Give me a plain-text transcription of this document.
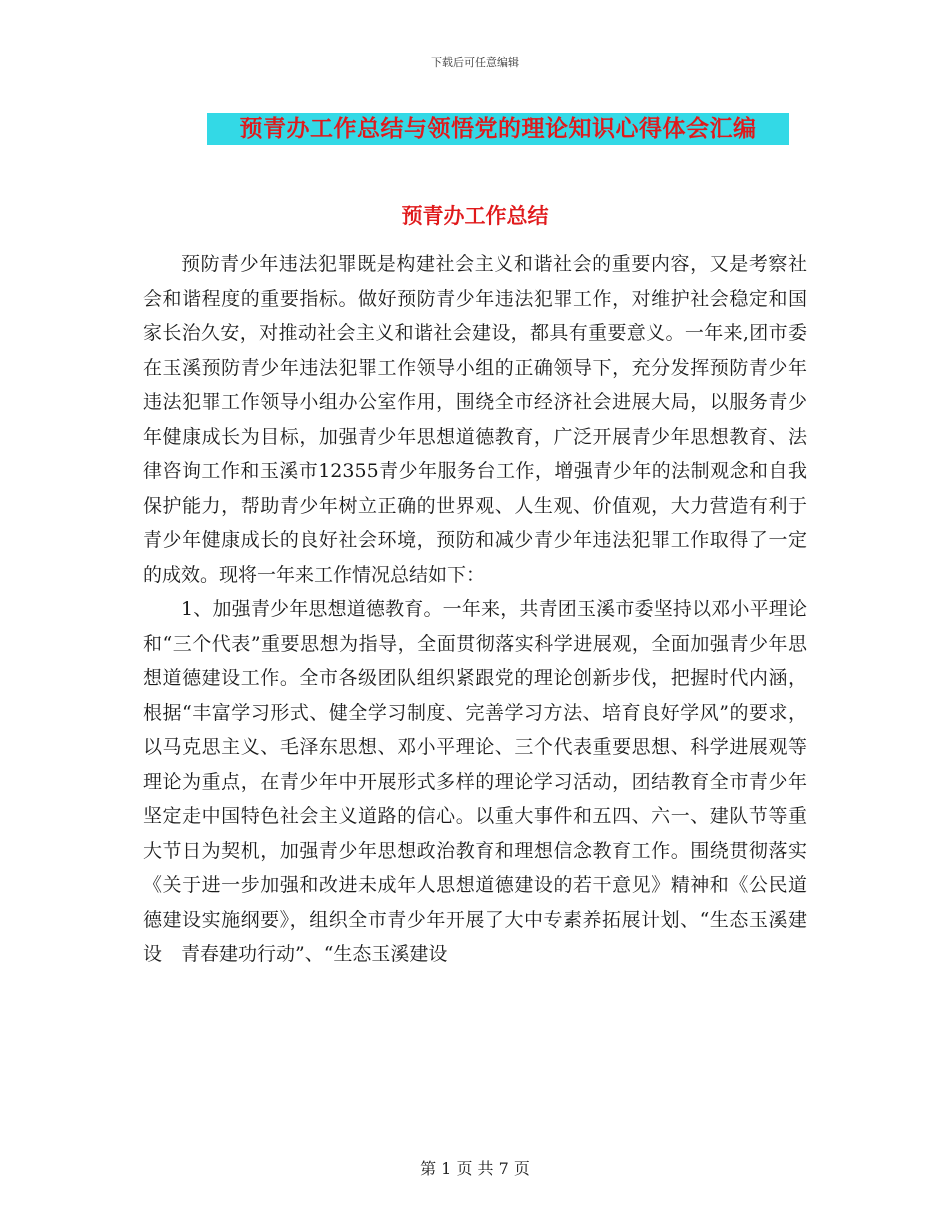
下载后可任意编辑
预青办工作总结与领悟党的理论知识心得体会汇编
预青办工作总结

预防青少年违法犯罪既是构建社会主义和谐社会的重要内容，又是考察社会和谐程度的重要指标。做好预防青少年违法犯罪工作，对维护社会稳定和国家长治久安，对推动社会主义和谐社会建设，都具有重要意义。一年来,团市委在玉溪预防青少年违法犯罪工作领导小组的正确领导下，充分发挥预防青少年违法犯罪工作领导小组办公室作用，围绕全市经济社会进展大局，以服务青少年健康成长为目标，加强青少年思想道德教育，广泛开展青少年思想教育、法律咨询工作和玉溪市12355青少年服务台工作，增强青少年的法制观念和自我保护能力，帮助青少年树立正确的世界观、人生观、价值观，大力营造有利于青少年健康成长的良好社会环境，预防和减少青少年违法犯罪工作取得了一定的成效。现将一年来工作情况总结如下：

1、加强青少年思想道德教育。一年来，共青团玉溪市委坚持以邓小平理论和“三个代表”重要思想为指导，全面贯彻落实科学进展观，全面加强青少年思想道德建设工作。全市各级团队组织紧跟党的理论创新步伐，把握时代内涵，根据“丰富学习形式、健全学习制度、完善学习方法、培育良好学风”的要求，以马克思主义、毛泽东思想、邓小平理论、三个代表重要思想、科学进展观等理论为重点，在青少年中开展形式多样的理论学习活动，团结教育全市青少年坚定走中国特色社会主义道路的信心。以重大事件和五四、六一、建队节等重大节日为契机，加强青少年思想政治教育和理想信念教育工作。围绕贯彻落实《关于进一步加强和改进未成年人思想道德建设的若干意见》精神和《公民道德建设实施纲要》，组织全市青少年开展了大中专素养拓展计划、“生态玉溪建设　青春建功行动”、“生态玉溪建设

第 1 页 共 7 页
